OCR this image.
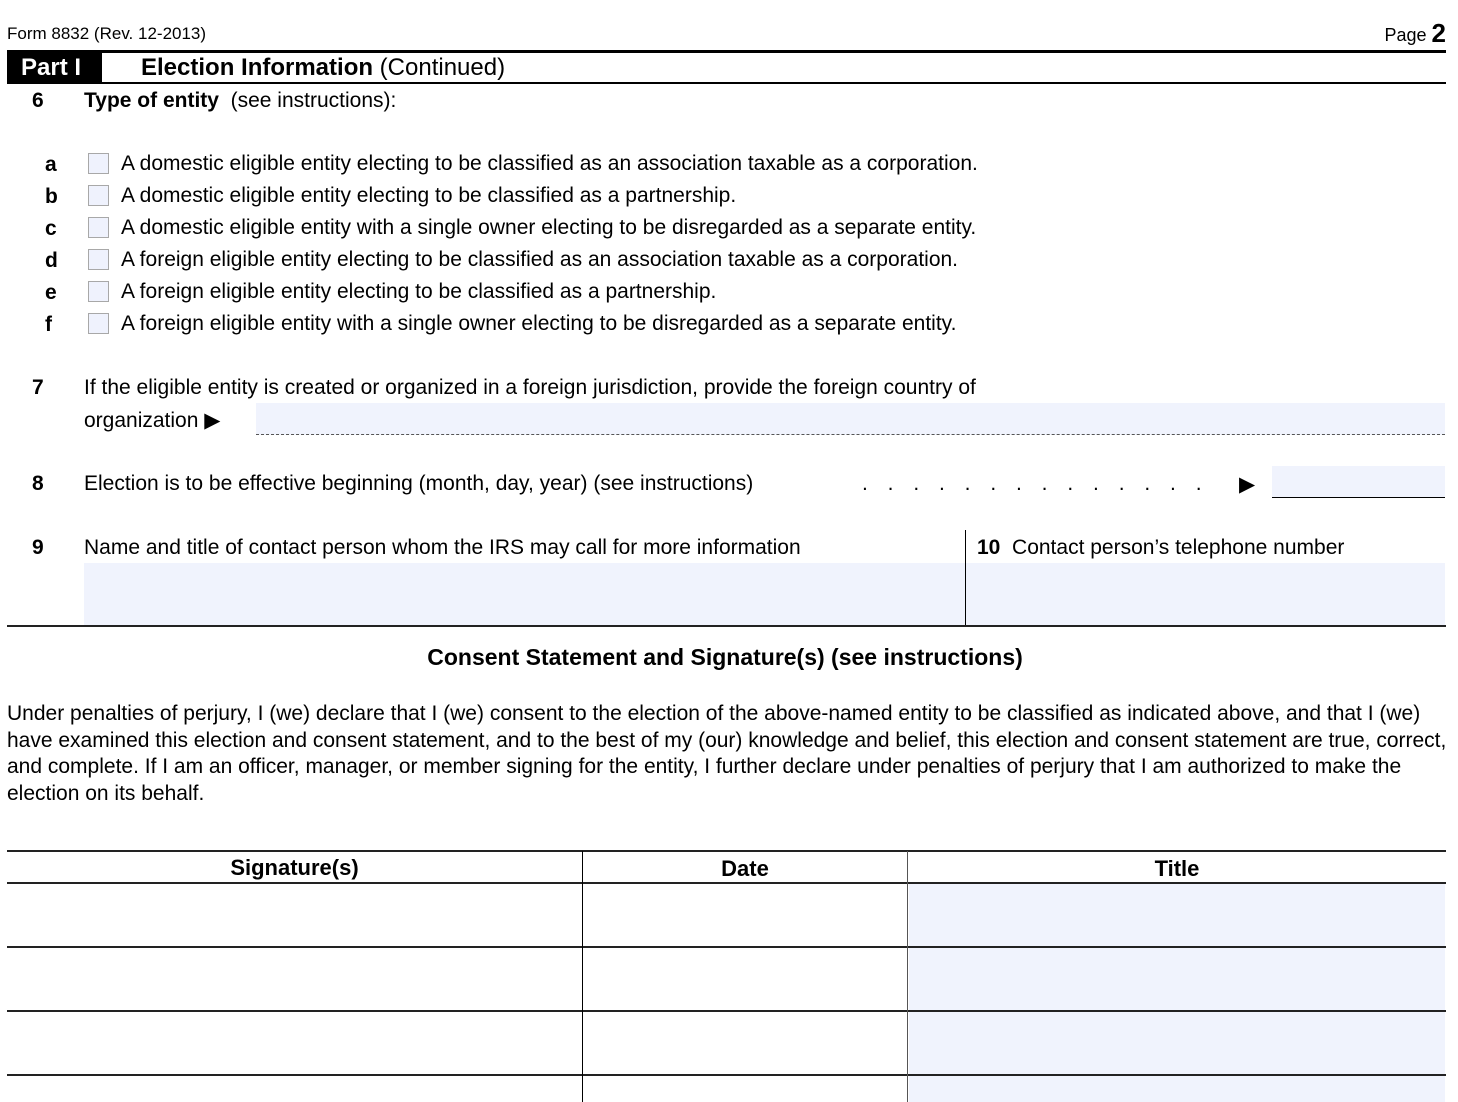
Form 8832 (Rev. 12-2013)	Page 2
Part I	Election Information (Continued)
6 Type of entity (see instructions):
a	A domestic eligible entity electing to be classified as an association taxable as a corporation.
b	A domestic eligible entity electing to be classified as a partnership.
c	A domestic eligible entity with a single owner electing to be disregarded as a separate entity.
d	A foreign eligible entity electing to be classified as an association taxable as a corporation.
e	A foreign eligible entity electing to be classified as a partnership.
f	A foreign eligible entity with a single owner electing to be disregarded as a separate entity.
7 If the eligible entity is created or organized in a foreign jurisdiction, provide the foreign country of
organization ▶
8 Election is to be effective beginning (month, day, year) (see instructions)	. . . . . . . . . . . . . . ▶
9 Name and title of contact person whom the IRS may call for more information	10 Contact person’s telephone number
Consent Statement and Signature(s) (see instructions)
Under penalties of perjury, I (we) declare that I (we) consent to the election of the above-named entity to be classified as indicated above, and that I (we) have examined this election and consent statement, and to the best of my (our) knowledge and belief, this election and consent statement are true, correct, and complete. If I am an officer, manager, or member signing for the entity, I further declare under penalties of perjury that I am authorized to make the election on its behalf.
Signature(s)	Date	Title
